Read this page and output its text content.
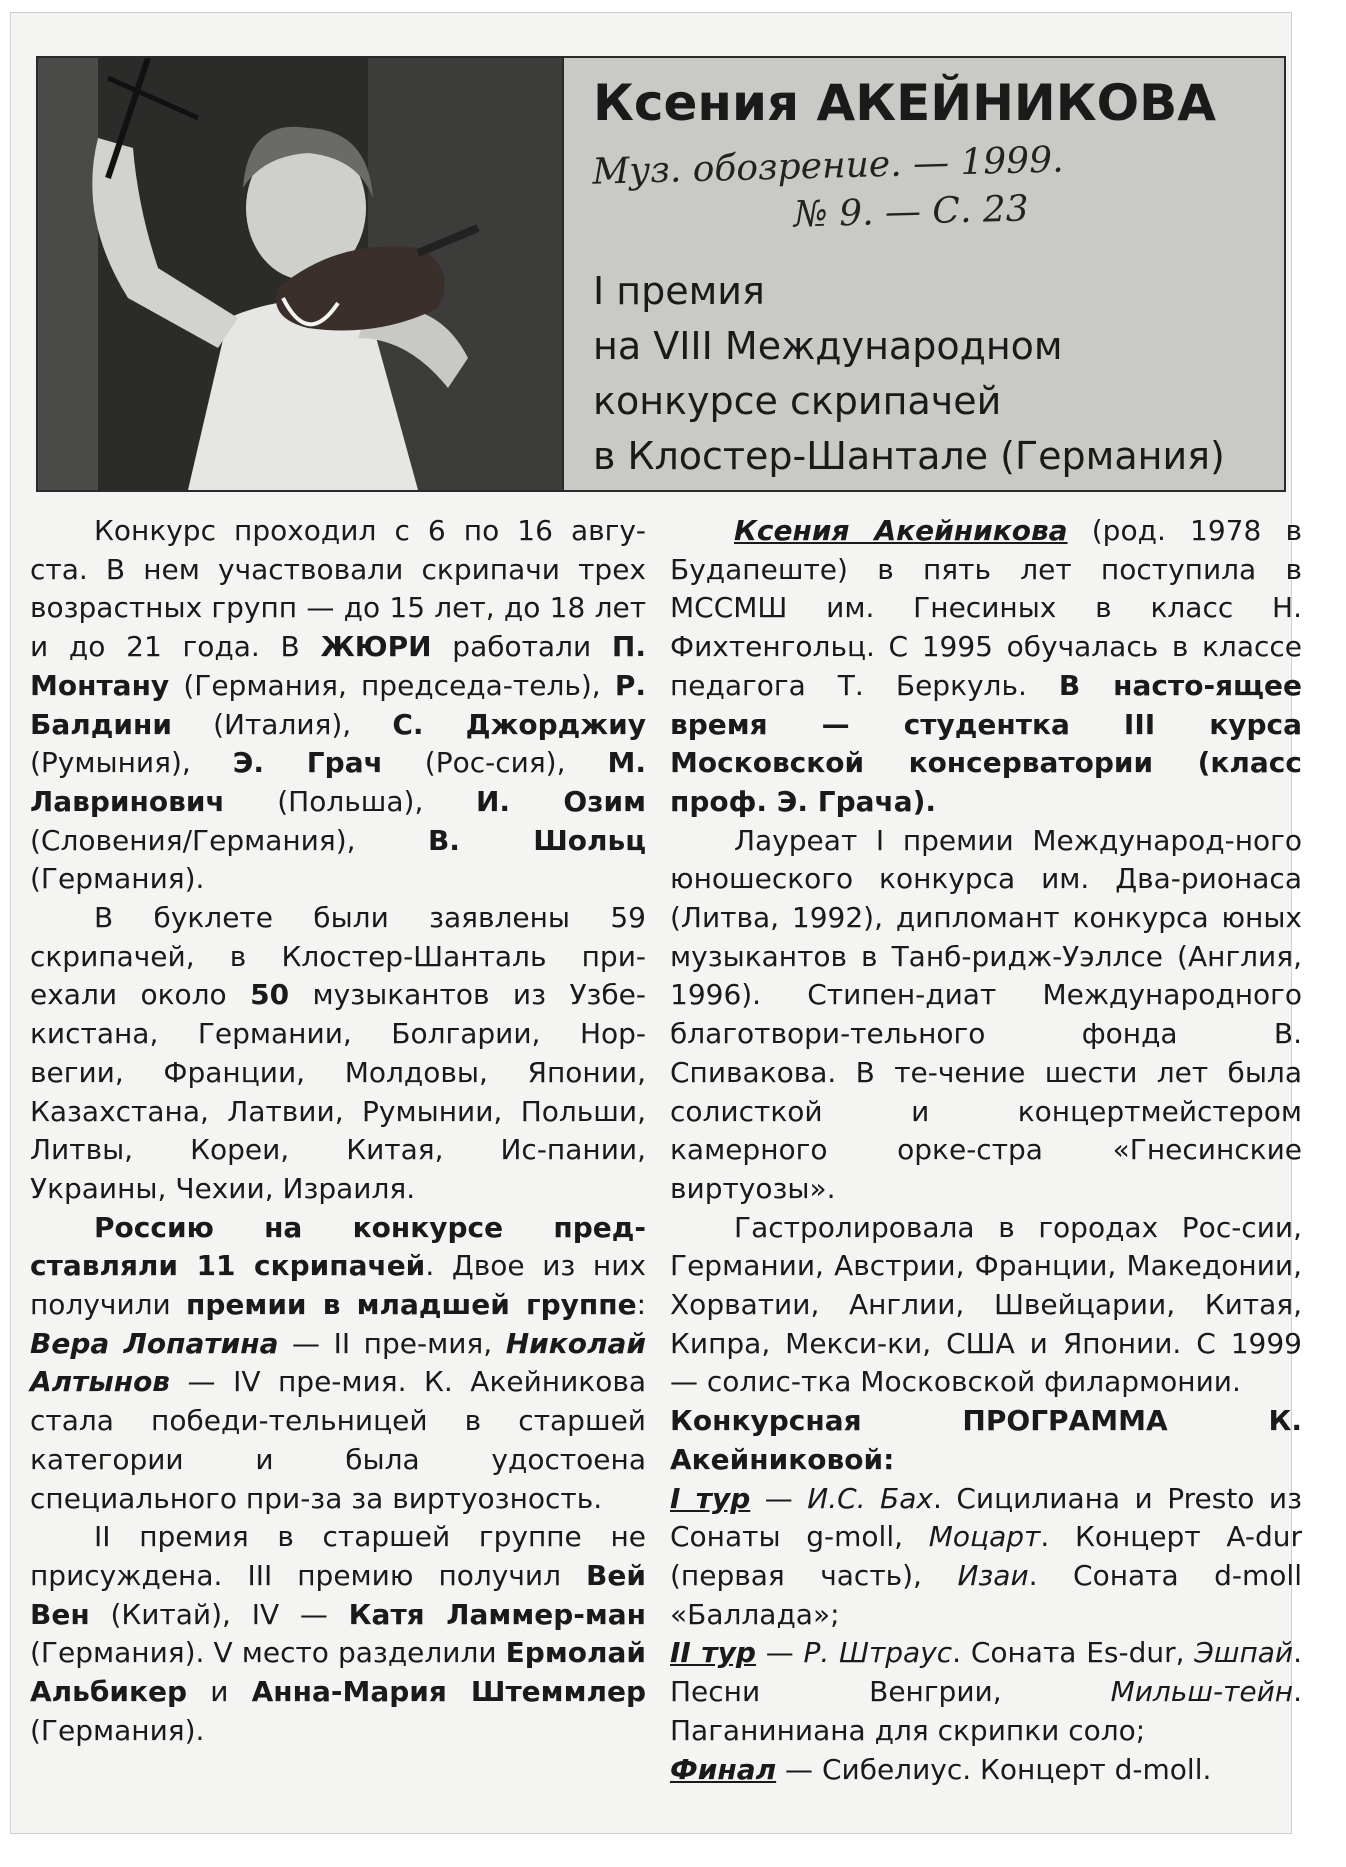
Ксения АКЕЙНИКОВА
Муз. обозрение. — 1999.
№ 9. — С. 23
I премия
на VIII Международном
конкурсе скрипачей
в Клостер-Шантале (Германия)

Конкурс проходил с 6 по 16 авгу- ста. В нем участвовали скрипачи трех возрастных групп — до 15 лет, до 18 лет и до 21 года. В ЖЮРИ работали П. Монтану (Германия, председа-тель), Р. Балдини (Италия), С. Джорджиу (Румыния), Э. Грач (Рос-сия), М. Лавринович (Польша), И. Озим (Словения/Германия), В. Шольц (Германия).

В буклете были заявлены 59 скрипачей, в Клостер-Шанталь при-ехали около 50 музыкантов из Узбе-кистана, Германии, Болгарии, Нор-вегии, Франции, Молдовы, Японии, Казахстана, Латвии, Румынии, Польши, Литвы, Кореи, Китая, Ис-пании, Украины, Чехии, Израиля.

Россию на конкурсе пред-ставляли 11 скрипачей. Двое из них получили премии в младшей группе: Вера Лопатина — II пре-мия, Николай Алтынов — IV пре-мия. К. Акейникова стала победи-тельницей в старшей категории и была удостоена специального при-за за виртуозность.

II премия в старшей группе не присуждена. III премию получил Вей Вен (Китай), IV — Катя Ламмер-ман (Германия). V место разделили Ермолай Альбикер и Анна-Мария Штеммлер (Германия).

Ксения Акейникова (род. 1978 в Будапеште) в пять лет поступила в МССМШ им. Гнесиных в класс Н. Фихтенгольц. С 1995 обучалась в классе педагога Т. Беркуль. В насто-ящее время — студентка III курса Московской консерватории (класс проф. Э. Грача).

Лауреат I премии Международ-ного юношеского конкурса им. Два-рионаса (Литва, 1992), дипломант конкурса юных музыкантов в Танб-ридж-Уэллсе (Англия, 1996). Стипен-диат Международного благотвори-тельного фонда В. Спивакова. В те-чение шести лет была солисткой и концертмейстером камерного орке-стра «Гнесинские виртуозы».

Гастролировала в городах Рос-сии, Германии, Австрии, Франции, Македонии, Хорватии, Англии, Швейцарии, Китая, Кипра, Мекси-ки, США и Японии. С 1999 — солис-тка Московской филармонии.

Конкурсная ПРОГРАММА К. Акейниковой:

I тур — И.С. Бах. Сицилиана и Presto из Сонаты g-moll, Моцарт. Концерт A-dur (первая часть), Изаи. Соната d-moll «Баллада»;

II тур — Р. Штраус. Соната Es-dur, Эшпай. Песни Венгрии, Мильш-тейн. Паганиниана для скрипки соло;

Финал — Сибелиус. Концерт d-moll.
